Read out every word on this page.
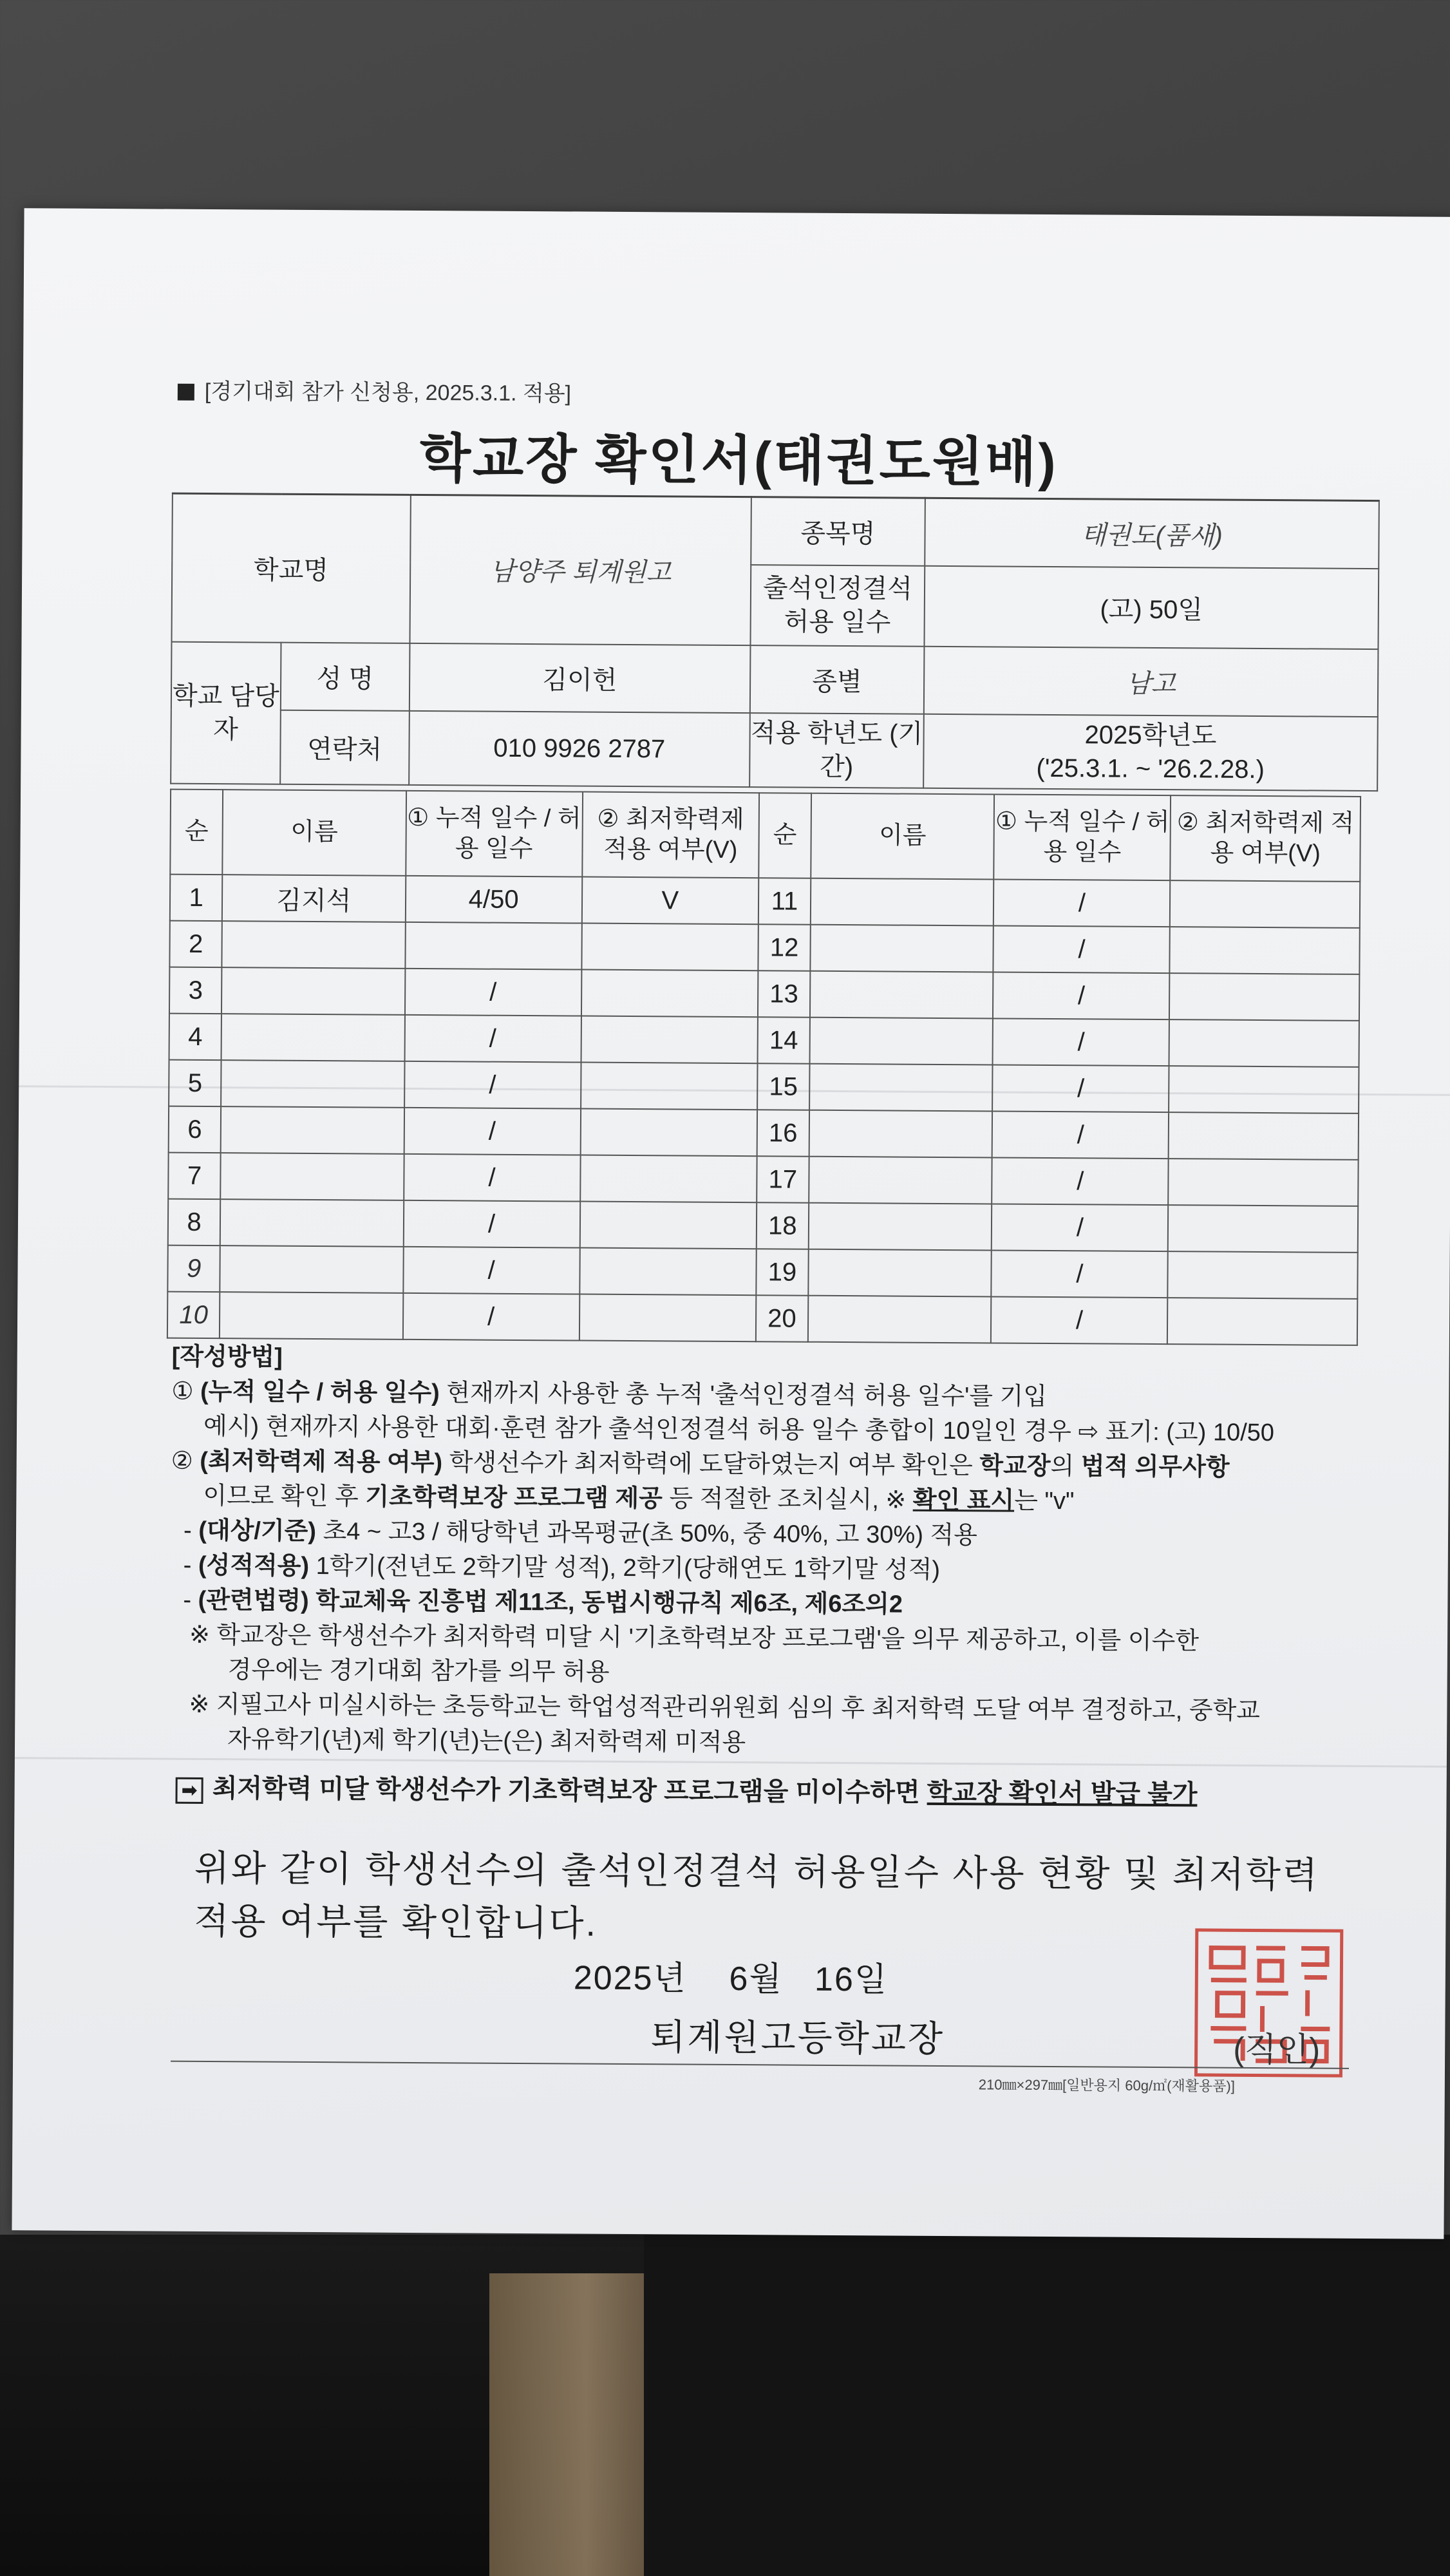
[경기대회 참가 신청용, 2025.3.1. 적용]
학교장 확인서(태권도원배)
학교명		남양주 퇴계원고	종목명	태권도(품새)
			출석인정결석 허용 일수	(고) 50일
학교 담당자	성 명	김이헌	종별	남고
	연락처	010 9926 2787	적용 학년도 (기간)	2025학년도
('25.3.1. ~ '26.2.28.)
순	이름	① 누적 일수 / 허용 일수	② 최저학력제 적용 여부(V)	순	이름	① 누적 일수 / 허용 일수	② 최저학력제 적용 여부(V)
1	김지석	4/50	V	11		/	
2				12		/	
3		/		13		/	
4		/		14		/	
5		/		15		/	
6		/		16		/	
7		/		17		/	
8		/		18		/	
9		/		19		/	
10		/		20		/	
[작성방법]
① (누적 일수 / 허용 일수) 현재까지 사용한 총 누적 '출석인정결석 허용 일수'를 기입
예시) 현재까지 사용한 대회·훈련 참가 출석인정결석 허용 일수 총합이 10일인 경우 ⇨ 표기: (고) 10/50
② (최저학력제 적용 여부) 학생선수가 최저학력에 도달하였는지 여부 확인은 학교장의 법적 의무사항
이므로 확인 후 기초학력보장 프로그램 제공 등 적절한 조치실시, ※ 확인 표시는 "v"
- (대상/기준) 초4 ~ 고3 / 해당학년 과목평균(초 50%, 중 40%, 고 30%) 적용
- (성적적용) 1학기(전년도 2학기말 성적), 2학기(당해연도 1학기말 성적)
- (관련법령) 학교체육 진흥법 제11조, 동법시행규칙 제6조, 제6조의2
※ 학교장은 학생선수가 최저학력 미달 시 '기초학력보장 프로그램'을 의무 제공하고, 이를 이수한
경우에는 경기대회 참가를 의무 허용
※ 지필고사 미실시하는 초등학교는 학업성적관리위원회 심의 후 최저학력 도달 여부 결정하고, 중학교
자유학기(년)제 학기(년)는(은) 최저학력제 미적용
➡ 최저학력 미달 학생선수가 기초학력보장 프로그램을 미이수하면 학교장 확인서 발급 불가
위와 같이 학생선수의 출석인정결석 허용일수 사용 현황 및 최저학력 적용 여부를 확인합니다.
2025년    6월   16일
퇴계원고등학교장	(직인)
210㎜×297㎜[일반용지 60g/㎡(재활용품)]
